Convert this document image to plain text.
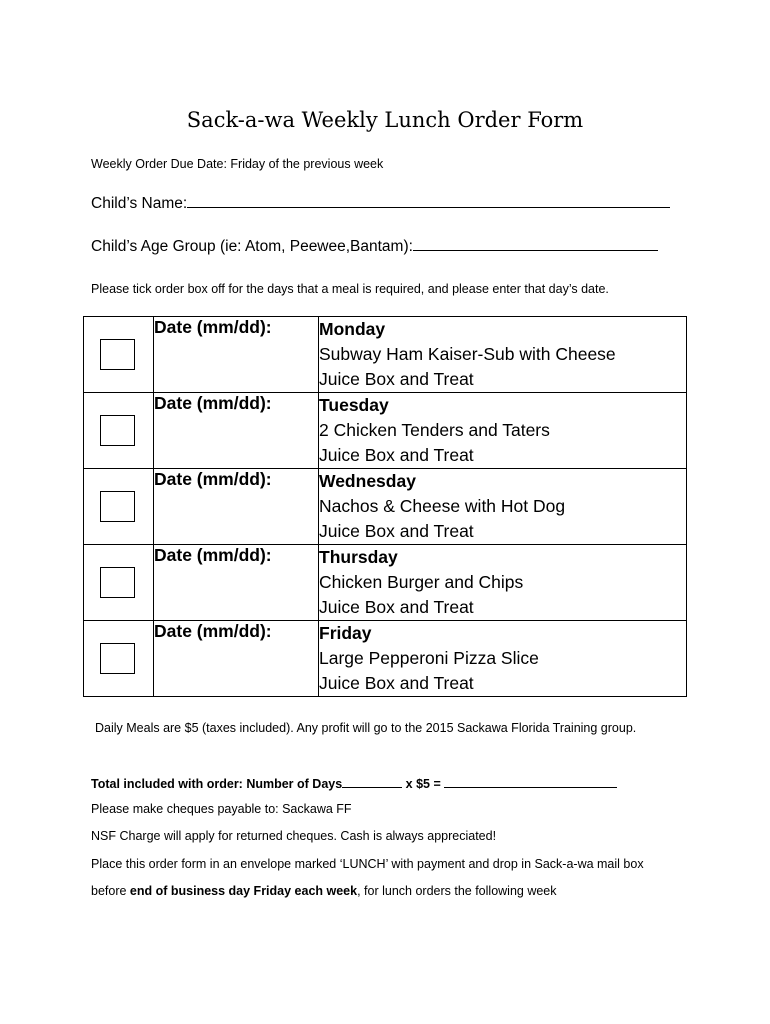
Sack-a-wa Weekly Lunch Order Form
Weekly Order Due Date: Friday of the previous week
Child’s Name:
Child’s Age Group (ie: Atom, Peewee,Bantam):
Please tick order box off for the days that a meal is required, and please enter that day’s date.
	Date (mm/dd):	Monday
Subway Ham Kaiser-Sub with Cheese
Juice Box and Treat

	Date (mm/dd):	Tuesday
2 Chicken Tenders and Taters
Juice Box and Treat

	Date (mm/dd):	Wednesday
Nachos & Cheese with Hot Dog
Juice Box and Treat

	Date (mm/dd):	Thursday
Chicken Burger and Chips
Juice Box and Treat

	Date (mm/dd):	Friday
Large Pepperoni Pizza Slice
Juice Box and Treat
Daily Meals are $5 (taxes included). Any profit will go to the 2015 Sackawa Florida Training group.
Total included with order: Number of Days	x $5 =
Please make cheques payable to: Sackawa FF
NSF Charge will apply for returned cheques. Cash is always appreciated!
Place this order form in an envelope marked ‘LUNCH’ with payment and drop in Sack-a-wa mail box
before end of business day Friday each week, for lunch orders the following week
